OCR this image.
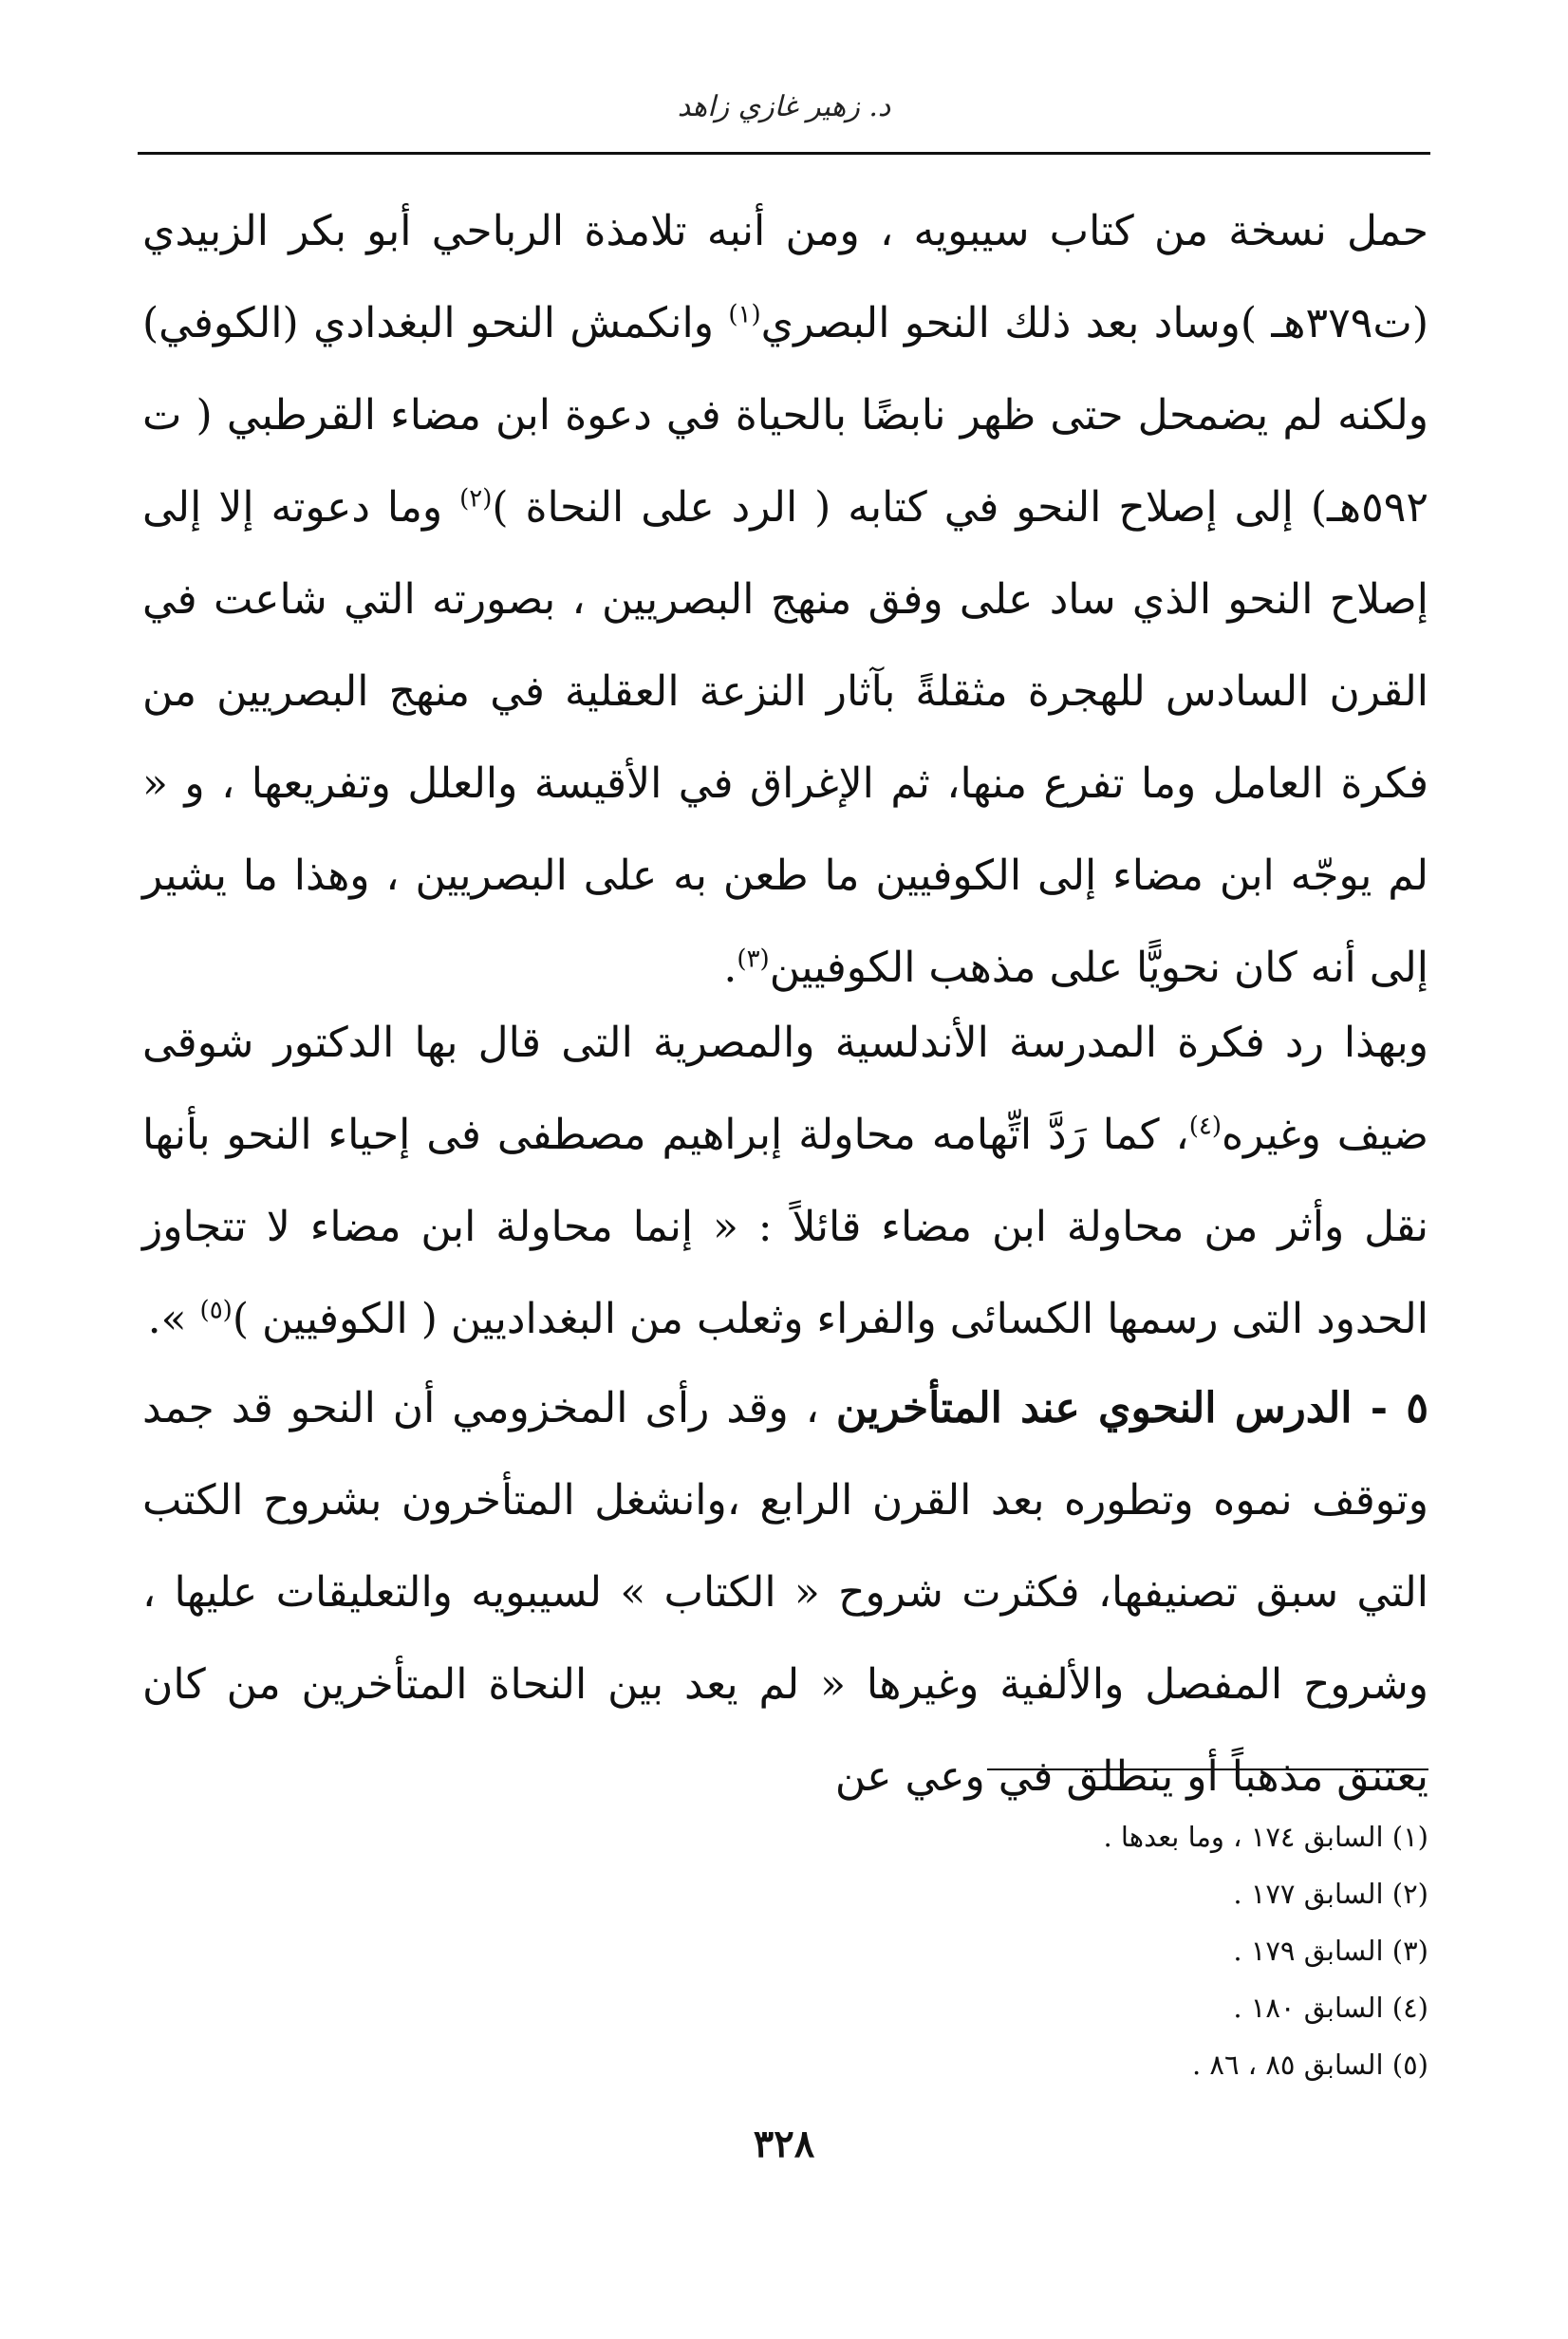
د. زهير غازي زاهد

حمل نسخة من كتاب سيبويه ، ومن أنبه تلامذة الرباحي أبو بكر الزبيدي (ت٣٧٩هـ )وساد بعد ذلك النحو البصري$^{(١)}$ وانكمش النحو البغدادي (الكوفي) ولكنه لم يضمحل حتى ظهر نابضًا بالحياة في دعوة ابن مضاء القرطبي ( ت ٥٩٢هـ) إلى إصلاح النحو في كتابه ( الرد على النحاة )$^{(٢)}$ وما دعوته إلا إلى إصلاح النحو الذي ساد على وفق منهج البصريين ، بصورته التي شاعت في القرن السادس للهجرة مثقلةً بآثار النزعة العقلية في منهج البصريين من فكرة العامل وما تفرع منها، ثم الإغراق في الأقيسة والعلل وتفريعها ، و « لم يوجّه ابن مضاء إلى الكوفيين ما طعن به على البصريين ، وهذا ما يشير إلى أنه كان نحويًّا على مذهب الكوفيين$^{(٣)}$.

وبهذا رد فكرة المدرسة الأندلسية والمصرية التى قال بها الدكتور شوقى ضيف وغيره$^{(٤)}$، كما رَدَّ اتِّهامه محاولة إبراهيم مصطفى فى إحياء النحو بأنها نقل وأثر من محاولة ابن مضاء قائلاً : « إنما محاولة ابن مضاء لا تتجاوز الحدود التى رسمها الكسائى والفراء وثعلب من البغداديين ( الكوفيين )$^{(٥)}$ ».

٥ - الدرس النحوي عند المتأخرين ، وقد رأى المخزومي أن النحو قد جمد وتوقف نموه وتطوره بعد القرن الرابع ،وانشغل المتأخرون بشروح الكتب التي سبق تصنيفها، فكثرت شروح « الكتاب » لسيبويه والتعليقات عليها ، وشروح المفصل والألفية وغيرها « لم يعد بين النحاة المتأخرين من كان يعتنق مذهباً أو ينطلق في وعي عن

(١) السابق ١٧٤ ، وما بعدها .
(٢) السابق ١٧٧ .
(٣) السابق ١٧٩ .
(٤) السابق ١٨٠ .
(٥) السابق ٨٥ ، ٨٦ .
٣٢٨
